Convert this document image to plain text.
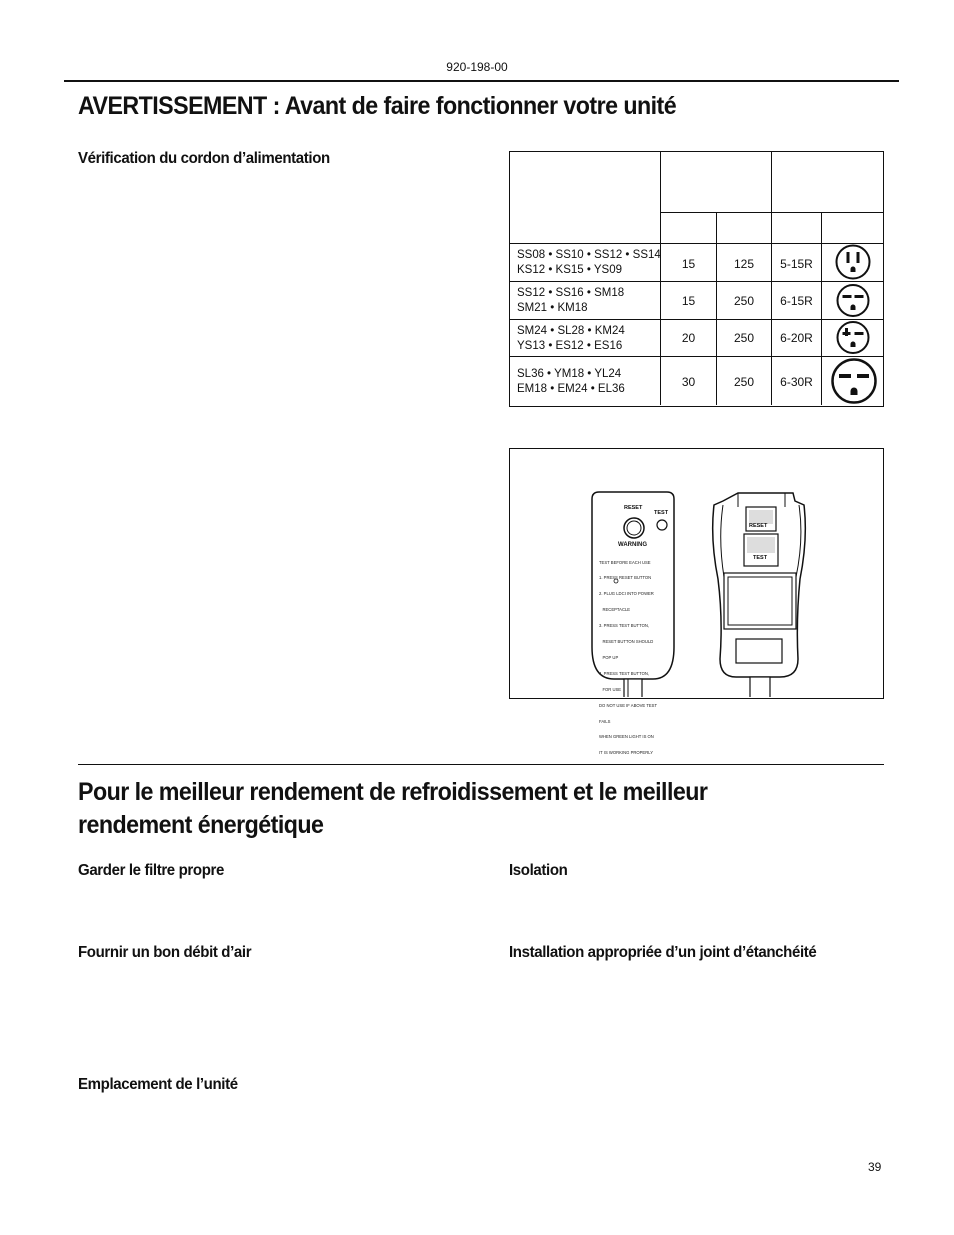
920-198-00
AVERTISSEMENT : Avant de faire fonctionner votre unité
Vérification du cordon d’alimentation
SS08 • SS10 • SS12 • SS14
KS12 • KS15 • YS09	15	125	5-15R
SS12 • SS16 • SM18
SM21 • KM18	15	250	6-15R
SM24 • SL28 • KM24
YS13 • ES12 • ES16
20	250	6-20R
SL36 • YM18 • YL24
EM18 • EM24 • EL36	30	250	6-30R
RESET
TEST
WARNING

TEST BEFORE EACH USE

1. PRESS RESET BUTTON

2. PLUG LDCI INTO POWER

RECEPTACLE

3. PRESS TEST BUTTON,

RESET BUTTON SHOULD

POP UP

4. PRESS TEST BUTTON,

FOR USE

DO NOT USE IF ABOVE TEST

FAILS

WHEN GREEN LIGHT IS ON

IT IS WORKING PROPERLY

RESET
TEST
Pour le meilleur rendement de refroidissement et le meilleur rendement énergétique
Garder le filtre propre	Isolation
Fournir un bon débit d’air	Installation appropriée d’un joint d’étanchéité
Emplacement de l’unité
39
